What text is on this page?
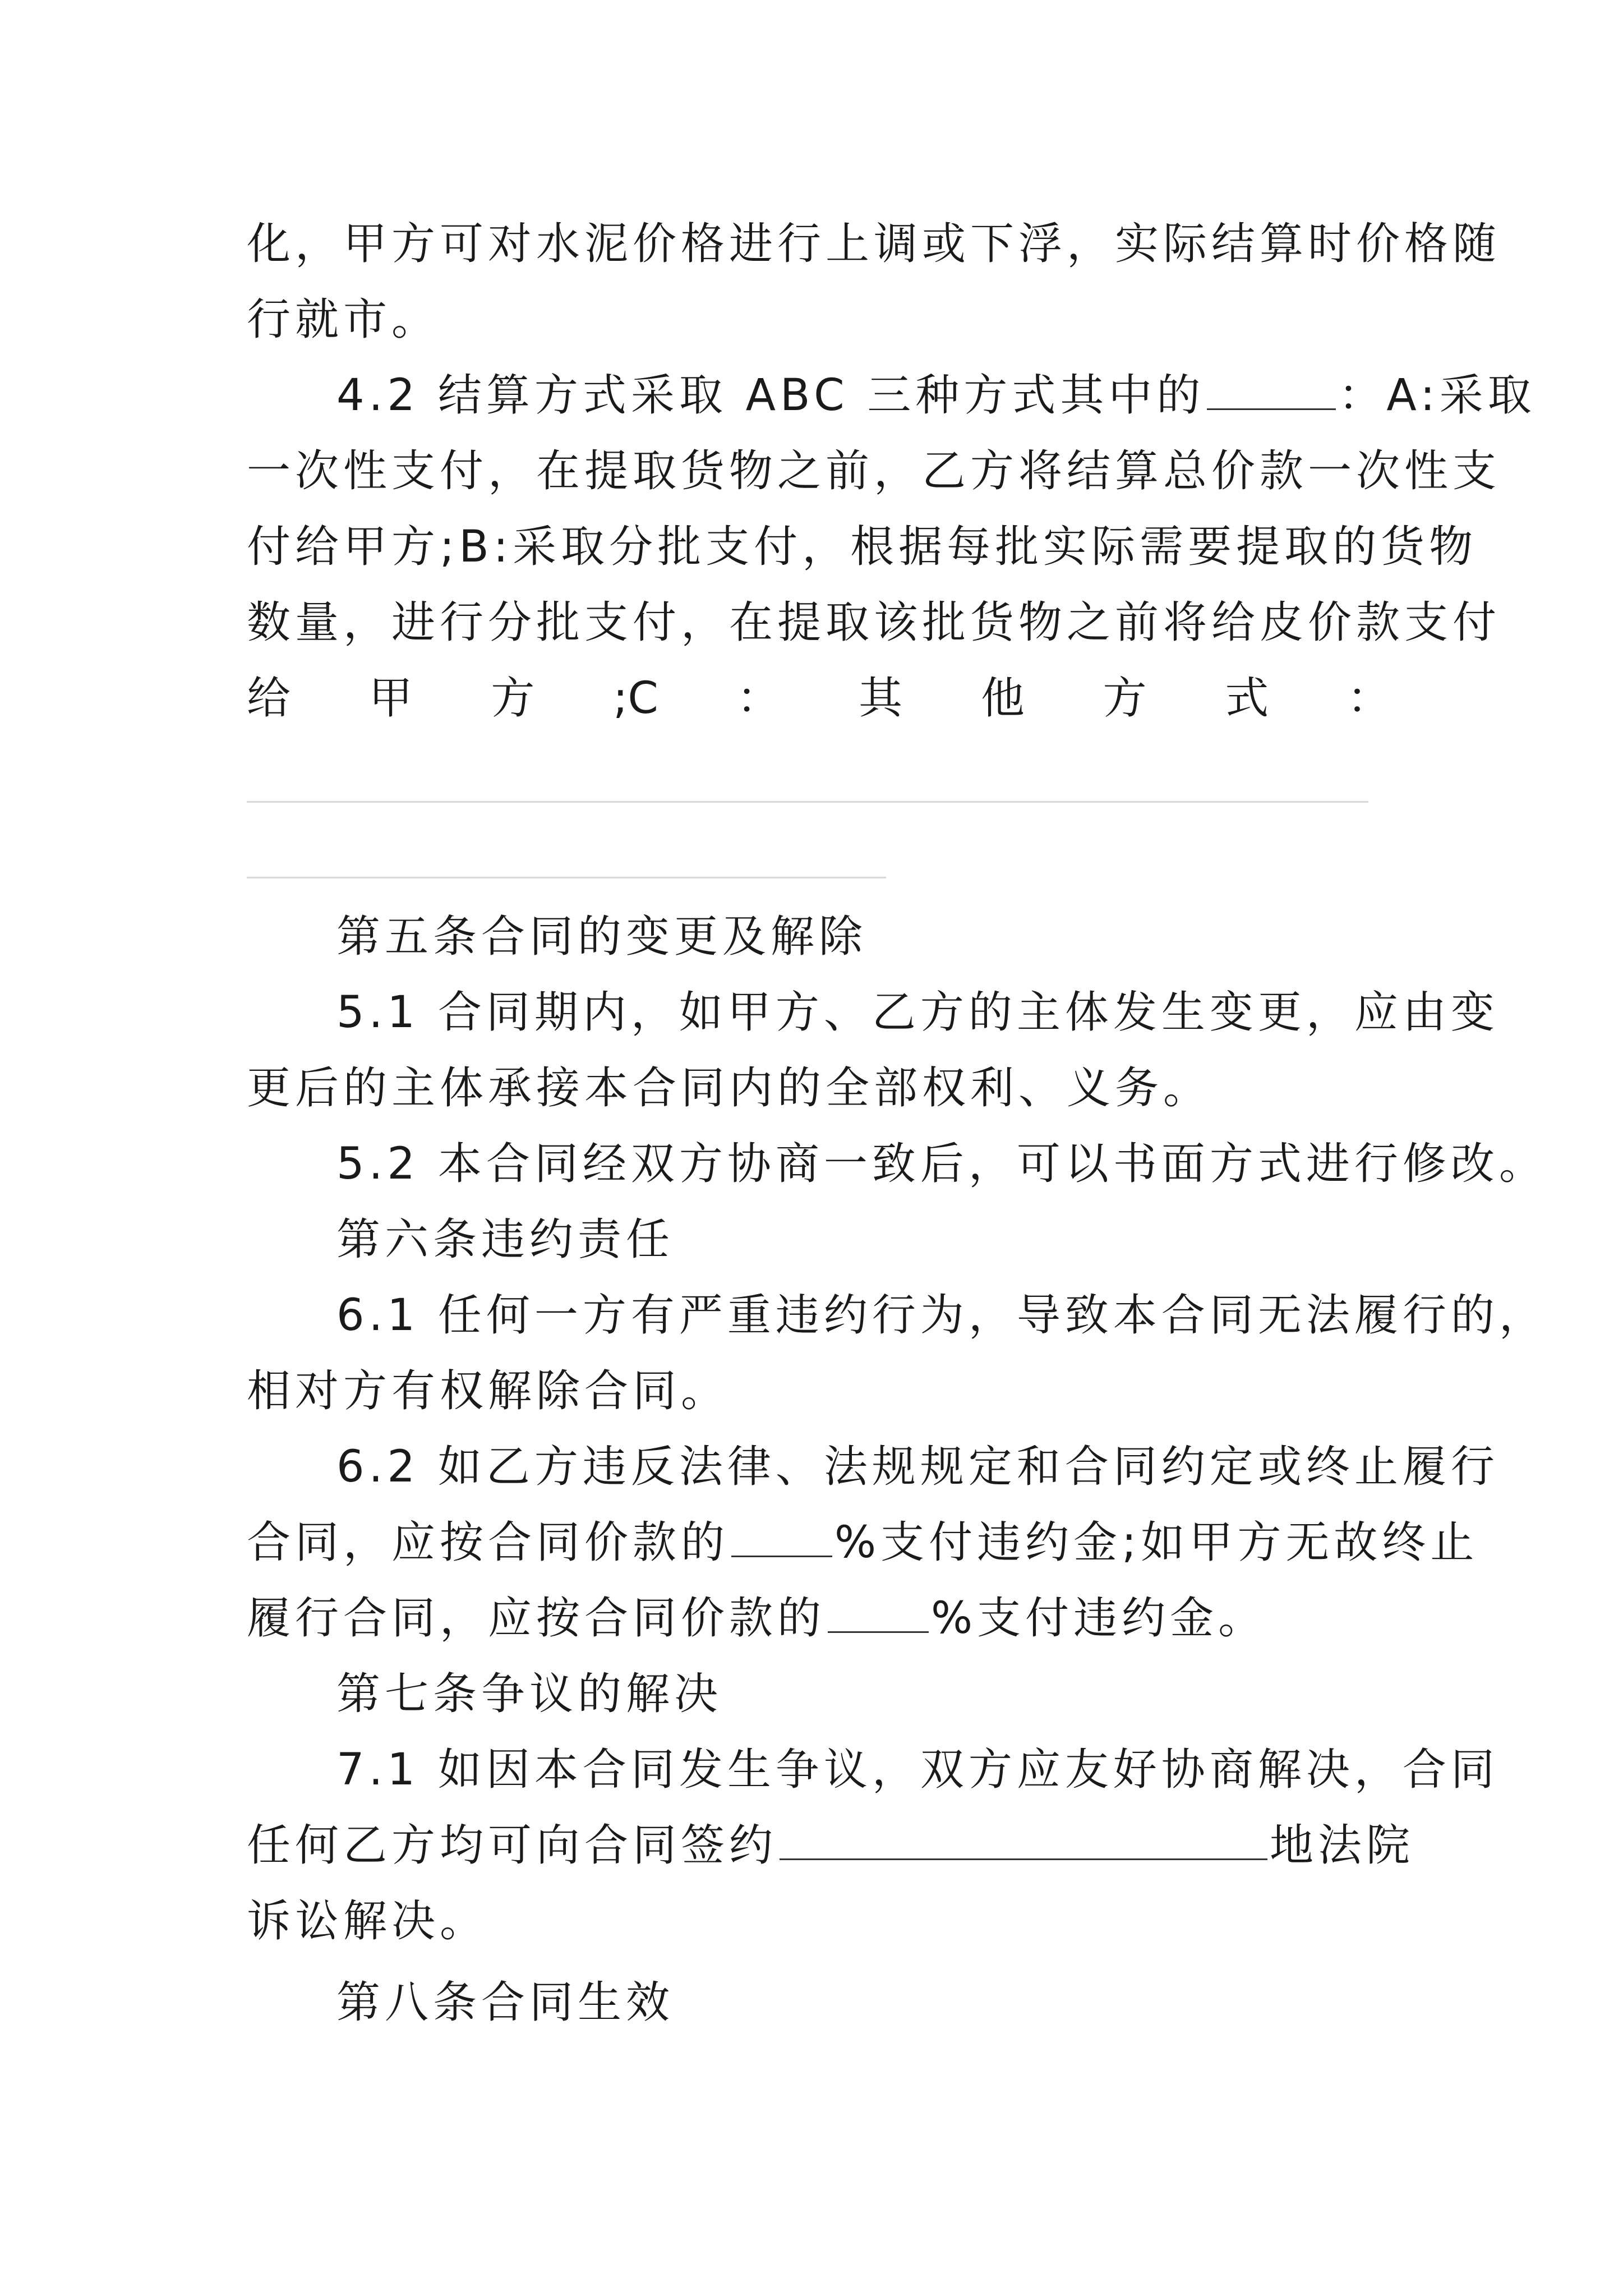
化，甲方可对水泥价格进行上调或下浮，实际结算时价格随
行就市。
4.2 结算方式采取 ABC 三种方式其中的	：A:采取
一次性支付，在提取货物之前，乙方将结算总价款一次性支
付给甲方;B:采取分批支付，根据每批实际需要提取的货物
数量，进行分批支付，在提取该批货物之前将给皮价款支付
给 甲 方 ;C ： 其 他 方 式 ：
第五条合同的变更及解除
5.1 合同期内，如甲方、乙方的主体发生变更，应由变
更后的主体承接本合同内的全部权利、义务。
5.2 本合同经双方协商一致后，可以书面方式进行修改。
第六条违约责任
6.1 任何一方有严重违约行为，导致本合同无法履行的，
相对方有权解除合同。
6.2 如乙方违反法律、法规规定和合同约定或终止履行
合同，应按合同价款的 %支付违约金;如甲方无故终止
履行合同，应按合同价款的 %支付违约金。
第七条争议的解决
7.1 如因本合同发生争议，双方应友好协商解决，合同
任何乙方均可向合同签约	地法院
诉讼解决。
第八条合同生效
